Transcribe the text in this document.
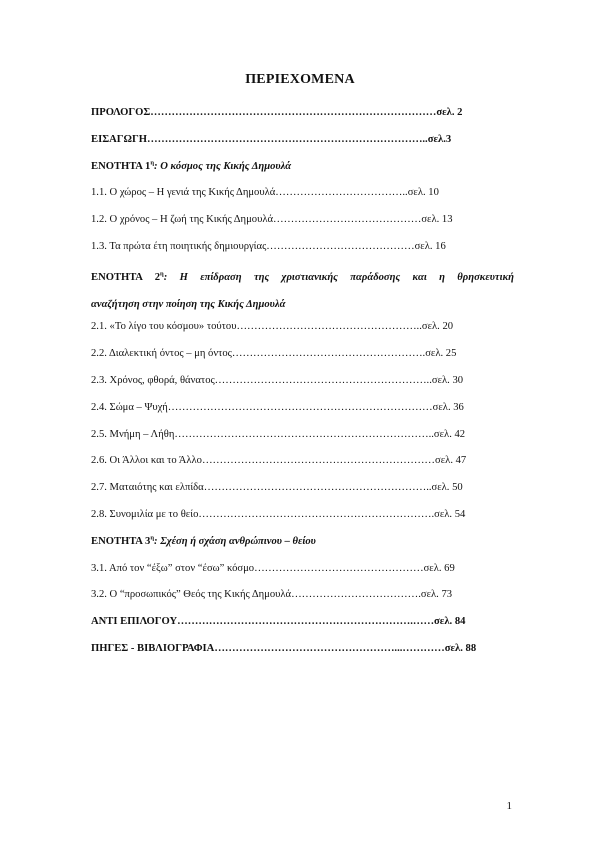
ΠΕΡΙΕΧΟΜΕΝΑ
ΠΡΟΛΟΓΟΣ………………………………………………………………………σελ. 2
ΕΙΣΑΓΩΓΗ……………………………………………………………………..σελ.3
ΕΝΟΤΗΤΑ $1^\eta$: Ο κόσμος της Κικής Δημουλά
1.1. Ο χώρος – Η γενιά της Κικής Δημουλά………………………………..σελ. 10
1.2. Ο χρόνος – Η ζωή της Κικής Δημουλά……………………………………σελ. 13
1.3. Τα πρώτα έτη ποιητικής δημιουργίας……………………………………σελ. 16
ΕΝΟΤΗΤΑ $2^\eta$: Η επίδραση της χριστιανικής παράδοσης και η θρησκευτική
αναζήτηση στην ποίηση της Κικής Δημουλά
2.1. «Το λίγο του κόσμου» τούτου……………………………………………..σελ. 20
2.2. Διαλεκτική όντος – μη όντος……………………………………………….σελ. 25
2.3. Χρόνος, φθορά, θάνατος……………………………………………………..σελ. 30
2.4. Σώμα – Ψυχή…………………………………………………………………σελ. 36
2.5. Μνήμη – Λήθη………………………………………………………………..σελ. 42
2.6. Οι Άλλοι και το Άλλο…………………………………………………………σελ. 47
2.7. Ματαιότης και ελπίδα………………………………………………………..σελ. 50
2.8. Συνομιλία με το θείο………………………………………………………….σελ. 54
ΕΝΟΤΗΤΑ $3^\eta$: Σχέση ή σχάση ανθρώπινου – θείου
3.1. Από τον “έξω” στον “έσω” κόσμο…………………………………………σελ. 69
3.2. Ο “προσωπικός” Θεός της Κικής Δημουλά……………………………….σελ. 73
ΑΝΤΙ ΕΠΙΛΟΓΟΥ………………………………………………………….……σελ. 84
ΠΗΓΕΣ - ΒΙΒΛΙΟΓΡΑΦΙΑ……………………………………………...…………σελ. 88
1
